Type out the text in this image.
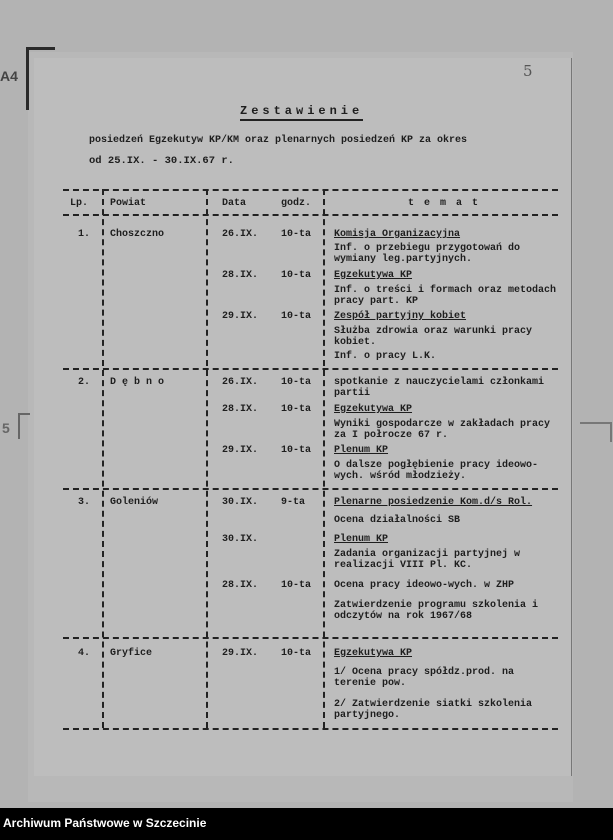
A4
5
5
Zestawienie
posiedzeń Egzekutyw KP/KM oraz plenarnych posiedzeń KP za okres
od 25.IX. - 30.IX.67 r.
Lp. Powiat	Data	godz.	t e m a t
1. Choszczno	26.IX. 10-ta Komisja Organizacyjna
Inf. o przebiegu przygotowań do wymiany leg.partyjnych.
28.IX. 10-ta Egzekutywa KP
Inf. o treści i formach oraz metodach pracy part. KP
29.IX. 10-ta Zespół partyjny kobiet
Służba zdrowia oraz warunki pracy kobiet.
Inf. o pracy L.K.
2. D ę b n o	26.IX. 10-ta spotkanie z nauczycielami członkami partii
28.IX. 10-ta Egzekutywa KP
Wyniki gospodarcze w zakładach pracy za I połrocze 67 r.
29.IX. 10-ta Plenum KP
O dalsze pogłębienie pracy ideowo-wych. wśród młodzieży.
3. Goleniów	30.IX. 9-ta	Plenarne posiedzenie Kom.d/s Rol.
Ocena działalności SB
30.IX.	Plenum KP
Zadania organizacji partyjnej w realizacji VIII Pl. KC.
28.IX. 10-ta Ocena pracy ideowo-wych. w ZHP
Zatwierdzenie programu szkolenia i odczytów na rok 1967/68
4. Gryfice	29.IX. 10-ta Egzekutywa KP
1/ Ocena pracy spółdz.prod. na terenie pow.
2/ Zatwierdzenie siatki szkolenia partyjnego.
Archiwum Państwowe w Szczecinie
